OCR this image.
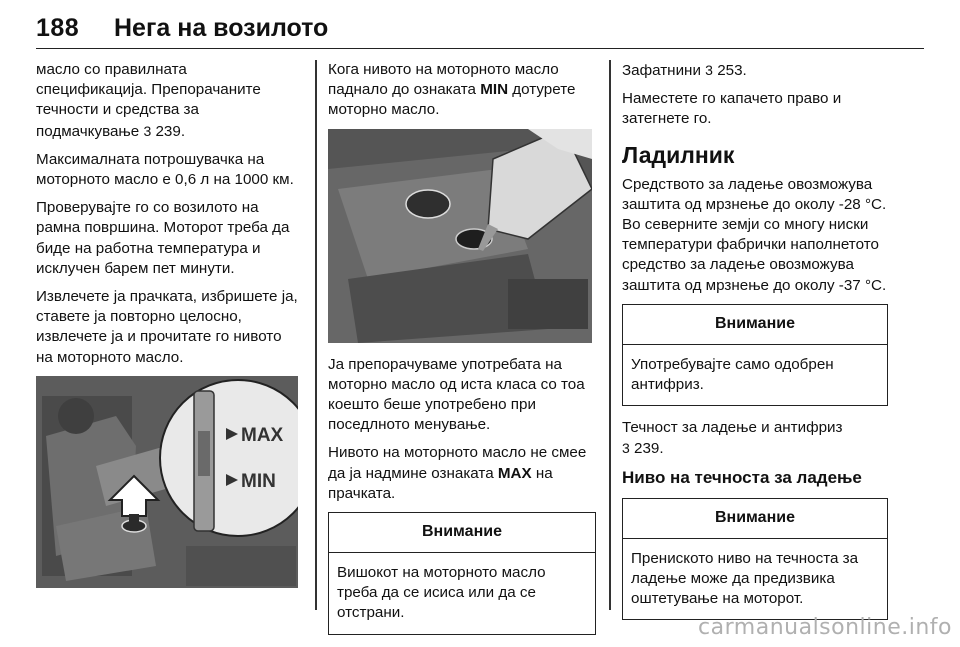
188 Нега на возилото

масло со правилната спецификација. Препорачаните течности и средства за подмачкување 3 239.

Максималната потрошувачка на моторното масло е 0,6 л на 1000 км.

Проверувајте го со возилото на рамна површина. Моторот треба да биде на работна температура и исклучен барем пет минути.

Извлечете ја прачката, избришете ја, ставете ја повторно целосно, извлечете ја и прочитате го нивото на моторното масло.

MAX
MIN

Кога нивото на моторното масло паднало до ознаката MIN дотурете моторно масло.

Ја препорачуваме употребата на моторно масло од иста класа со тоа коешто беше употребено при поседлното менување.

Нивото на моторното масло не смее да ја надмине ознаката MAX на прачката.

Внимание
Вишокот на моторното масло треба да се исиса или да се отстрани.

Зафатнини 3 253.

Наместете го капачето право и затегнете го.

Ладилник

Средството за ладење овозможува заштита од мрзнење до околу -28 °C. Во северните земји со многу ниски температури фабрички наполнетото средство за ладење овозможува заштита од мрзнење до околу -37 °C.

Внимание
Употребувајте само одобрен антифриз.

Течност за ладење и антифриз
3 239.

Ниво на течноста за ладење
Внимание
Прениското ниво на течноста за ладење може да предизвика оштетување на моторот.
carmanualsonline.info
